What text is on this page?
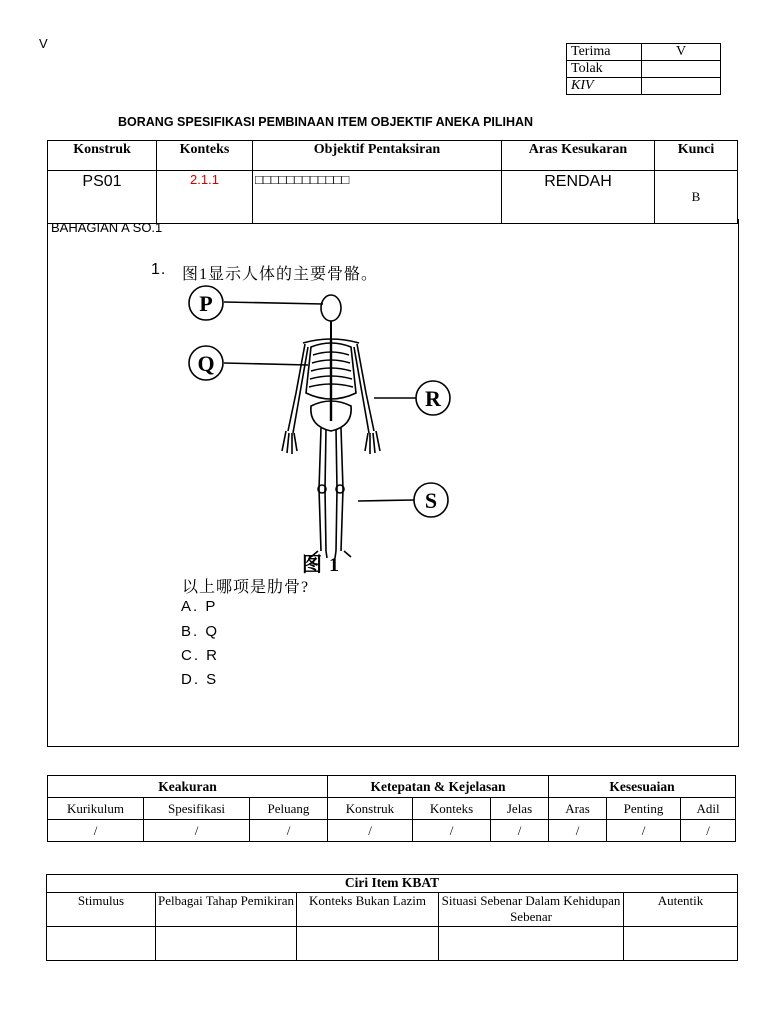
V
Terima	V
Tolak	
KIV	
BORANG SPESIFIKASI PEMBINAAN ITEM OBJEKTIF ANEKA PILIHAN
Konstruk	Konteks	Objektif Pentaksiran	Aras Kesukaran	Kunci
PS01	2.1.1	□□□□□□□□□□□□	RENDAH	B
BAHAGIAN A SO.1
1. 图1显示人体的主要骨骼。
P
Q
R
S
图 1
以上哪项是肋骨?
A. P
B. Q
C. R
D. S
Keakuran			Ketepatan & Kejelasan			Kesesuaian		
Kurikulum	Spesifikasi	Peluang	Konstruk	Konteks	Jelas	Aras	Penting	Adil
/	/	/	/	/	/	/	/	/
Ciri Item KBAT				
Stimulus	Pelbagai Tahap Pemikiran	Konteks Bukan Lazim	Situasi Sebenar Dalam Kehidupan Sebenar	Autentik
